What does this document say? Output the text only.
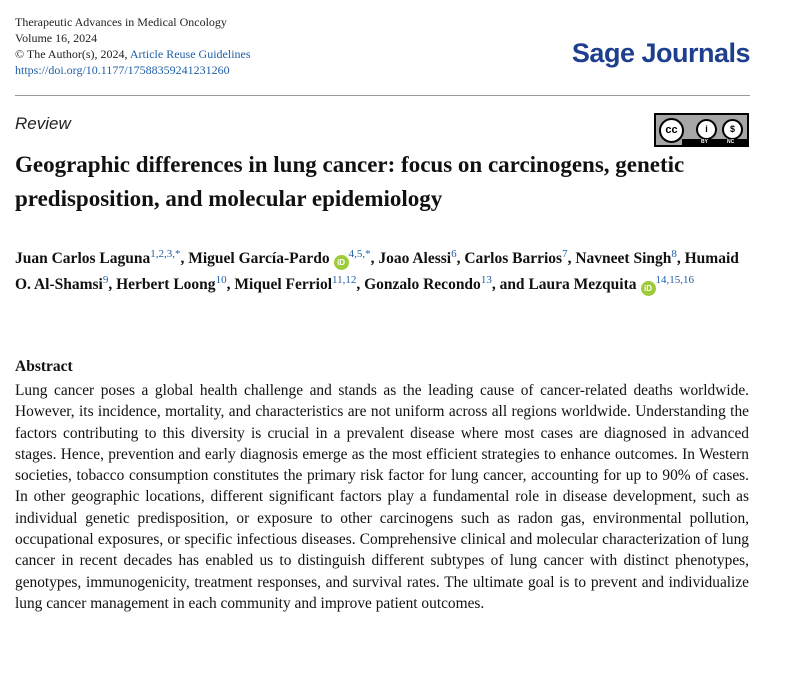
Therapeutic Advances in Medical Oncology
Volume 16, 2024
© The Author(s), 2024, Article Reuse Guidelines
https://doi.org/10.1177/17588359241231260
Sage Journals
Review	cc	i	$
BY	NC
Geographic differences in lung cancer: focus on carcinogens, genetic predisposition, and molecular epidemiology
Juan Carlos Laguna$^{1,2,3,*}$, Miguel García-Pardo $iD^{4,5,*}$, Joao Alessi$^6$, Carlos Barrios$^7$, Navneet Singh$^8$, Humaid O. Al-Shamsi$^9$, Herbert Loong$^{10}$, Miquel Ferriol$^{11,12}$, Gonzalo Recondo$^{13}$, and Laura Mezquita iD$^{14,15,16}$
Abstract

Lung cancer poses a global health challenge and stands as the leading cause of cancer-related deaths worldwide. However, its incidence, mortality, and characteristics are not uniform across all regions worldwide. Understanding the factors contributing to this diversity is crucial in a prevalent disease where most cases are diagnosed in advanced stages. Hence, prevention and early diagnosis emerge as the most efficient strategies to enhance outcomes. In Western societies, tobacco consumption constitutes the primary risk factor for lung cancer, accounting for up to 90% of cases. In other geographic locations, different significant factors play a fundamental role in disease development, such as individual genetic predisposition, or exposure to other carcinogens such as radon gas, environmental pollution, occupational exposures, or specific infectious diseases. Comprehensive clinical and molecular characterization of lung cancer in recent decades has enabled us to distinguish different subtypes of lung cancer with distinct phenotypes, genotypes, immunogenicity, treatment responses, and survival rates. The ultimate goal is to prevent and individualize lung cancer management in each community and improve patient outcomes.
